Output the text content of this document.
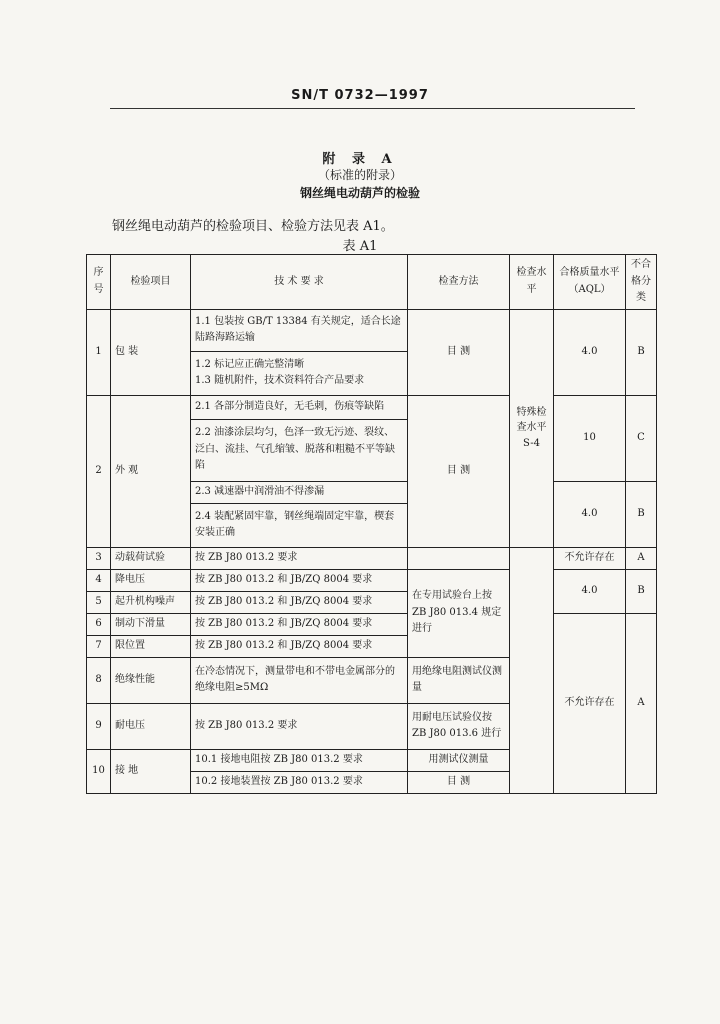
SN/T 0732—1997
附 录 A
（标准的附录）
钢丝绳电动葫芦的检验
钢丝绳电动葫芦的检验项目、检验方法见表 A1。
表 A1
序号	检验项目	技 术 要 求	检查方法	检查水平	合格质量水平（AQL）	不合格分类
1	包 装	1.1 包装按 GB/T 13384 有关规定，适合长途陆路海路运输	目 测	特殊检查水平 S-4	4.0	B

		1.2 标记应正确完整清晰
1.3 随机附件，技术资料符合产品要求				

2	外 观	2.1 各部分制造良好，无毛刺，伤痕等缺陷	目 测		10	C
		2.2 油漆涂层均匀，色泽一致无污迹、裂纹、泛白、流挂、气孔缩皱、脱落和粗糙不平等缺陷				
		2.3 减速器中润滑油不得渗漏			4.0	B
		2.4 装配紧固牢靠，钢丝绳端固定牢靠，楔套安装正确				
3	动载荷试验	按 ZB J80 013.2 要求			不允许存在	A
4	降电压	按 ZB J80 013.2 和 JB/ZQ 8004 要求	在专用试验台上按 ZB J80 013.4 规定进行		4.0	B
5	起升机构噪声	按 ZB J80 013.2 和 JB/ZQ 8004 要求				
6	制动下滑量	按 ZB J80 013.2 和 JB/ZQ 8004 要求			不允许存在	A
7	限位置	按 ZB J80 013.2 和 JB/ZQ 8004 要求				
8	绝缘性能	在冷态情况下，测量带电和不带电金属部分的绝缘电阻≥5MΩ	用绝缘电阻测试仪测量			
9	耐电压	按 ZB J80 013.2 要求	用耐电压试验仪按 ZB J80 013.6 进行			
10	接 地	10.1 接地电阻按 ZB J80 013.2 要求	用测试仪测量			
		10.2 接地装置按 ZB J80 013.2 要求	目 测			
